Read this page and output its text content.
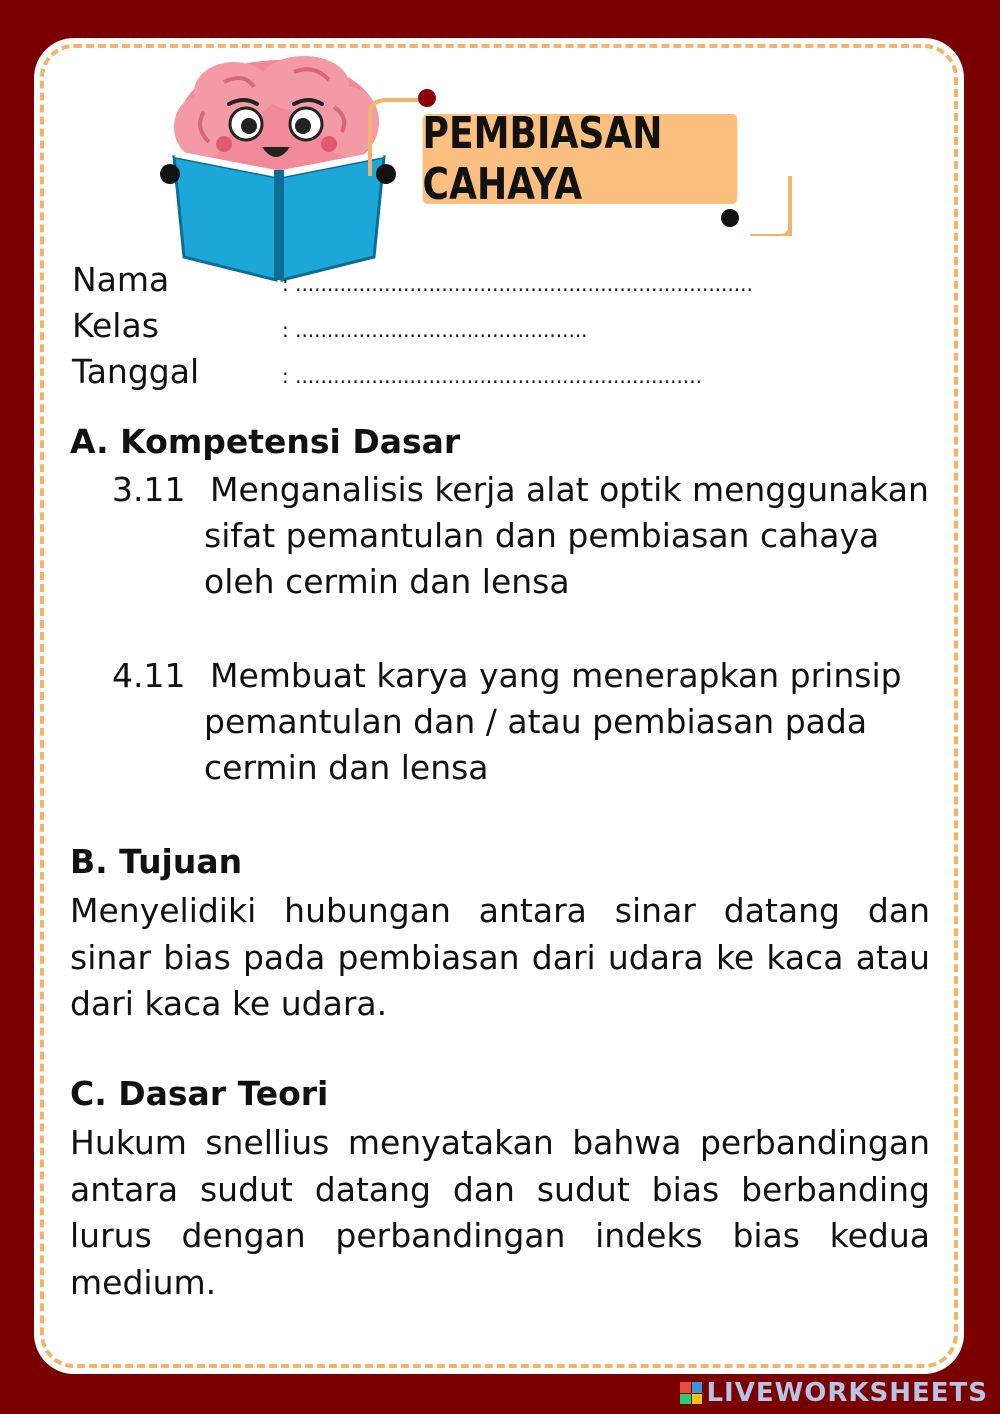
PEMBIASAN CAHAYA
Nama	: ........................................................................
Kelas	: ..............................................
Tanggal	: ................................................................
A. Kompetensi Dasar
3.11 Menganalisis kerja alat optik menggunakan
sifat pemantulan dan pembiasan cahaya
oleh cermin dan lensa
4.11 Membuat karya yang menerapkan prinsip
pemantulan dan / atau pembiasan pada
cermin dan lensa
B. Tujuan
Menyelidiki hubungan antara sinar datang dan sinar bias pada pembiasan dari udara ke kaca atau dari kaca ke udara.
C. Dasar Teori
Hukum snellius menyatakan bahwa perbandingan antara sudut datang dan sudut bias berbanding lurus dengan perbandingan indeks bias kedua medium.
LIVEWORKSHEETS
